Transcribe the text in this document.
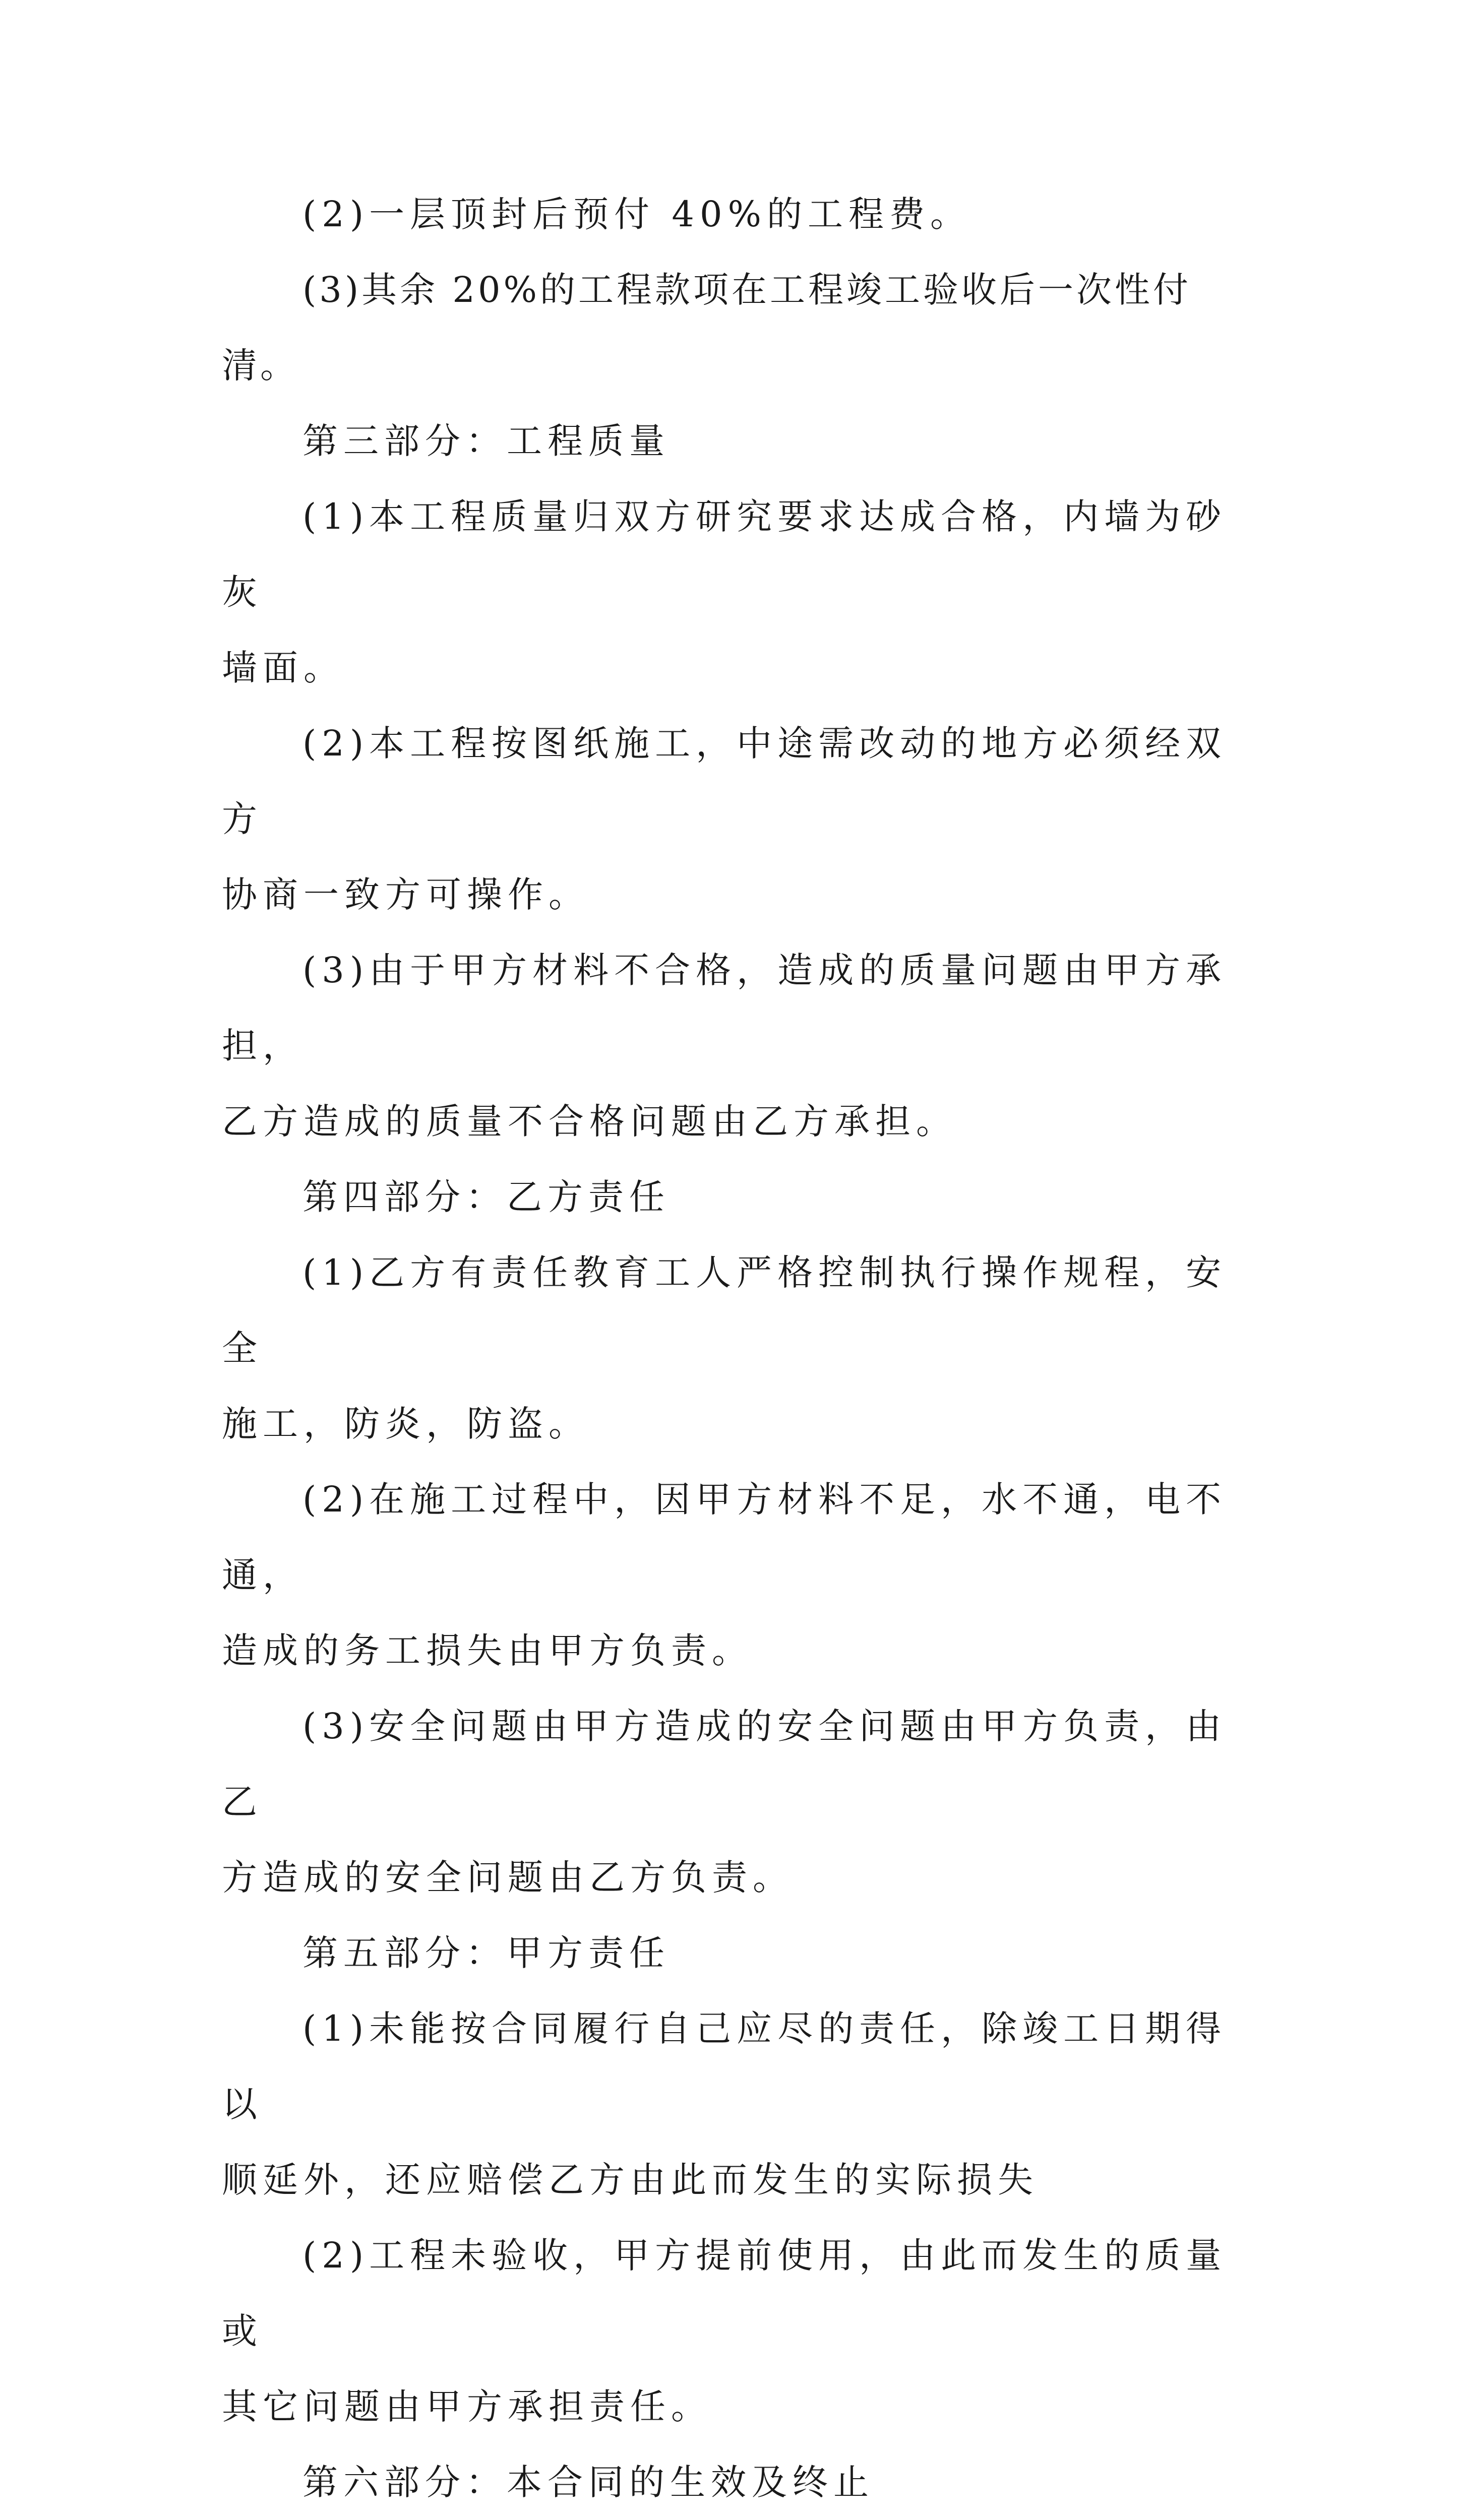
(2)一层顶封后预付 40%的工程费。

(3)其余 20%的工程款项在工程竣工验收后一次性付清。

第三部分：工程质量

(1)本工程质量归双方研究要求达成合格，内墙为砂灰
墙面。

(2)本工程按图纸施工，中途需改动的地方必须经双方
协商一致方可操作。

(3)由于甲方材料不合格，造成的质量问题由甲方承担，
乙方造成的质量不合格问题由乙方承担。

第四部分：乙方责任

(1)乙方有责任教育工人严格控制执行操作规程，安全
施工，防炎，防盗。

(2)在施工过程中，因甲方材料不足，水不通，电不通，
造成的务工损失由甲方负责。

(3)安全问题由甲方造成的安全问题由甲方负责，由乙
方造成的安全问题由乙方负责。

第五部分：甲方责任

(1)未能按合同履行自己应尽的责任，除竣工日期得以
顺延外，还应赔偿乙方由此而发生的实际损失

(2)工程未验收，甲方提前使用，由此而发生的质量或
其它问题由甲方承担责任。

第六部分：本合同的生效及终止
